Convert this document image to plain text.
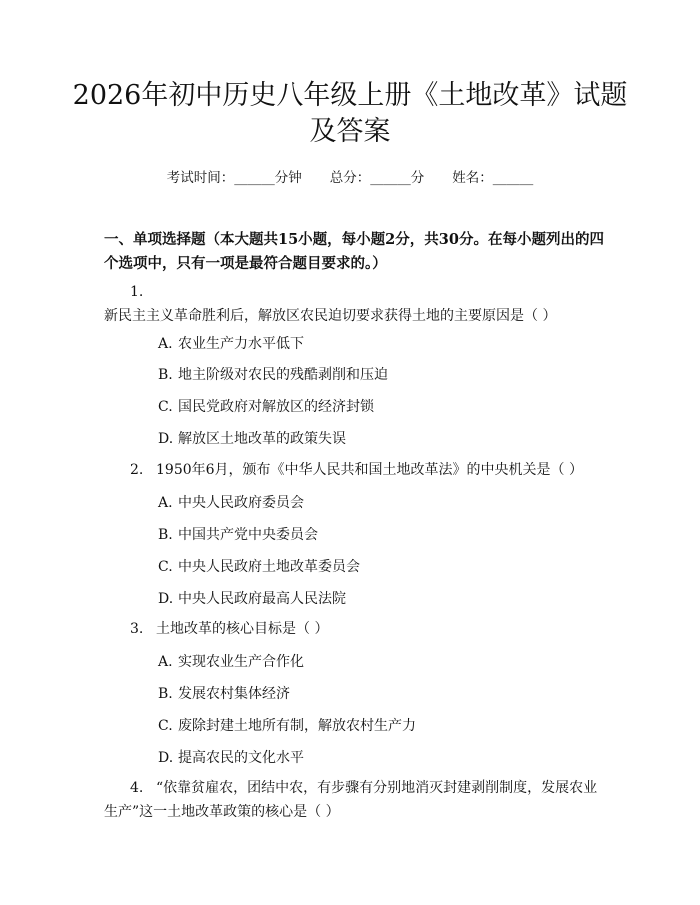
2026年初中历史八年级上册《土地改革》试题及答案
考试时间：______分钟 总分：______分 姓名：______

一、单项选择题（本大题共15小题，每小题2分，共30分。在每小题列出的四个选项中，只有一项是最符合题目要求的。）

1.新民主主义革命胜利后，解放区农民迫切要求获得土地的主要原因是（ ）
A. 农业生产力水平低下
B. 地主阶级对农民的残酷剥削和压迫
C. 国民党政府对解放区的经济封锁
D. 解放区土地改革的政策失误
2. 1950年6月，颁布《中华人民共和国土地改革法》的中央机关是（ ）
A. 中央人民政府委员会
B. 中国共产党中央委员会
C. 中央人民政府土地改革委员会
D. 中央人民政府最高人民法院
3. 土地改革的核心目标是（ ）
A. 实现农业生产合作化
B. 发展农村集体经济
C. 废除封建土地所有制，解放农村生产力
D. 提高农民的文化水平
4. “依靠贫雇农，团结中农，有步骤有分别地消灭封建剥削制度，发展农业生产”这一土地改革政策的核心是（ ）
